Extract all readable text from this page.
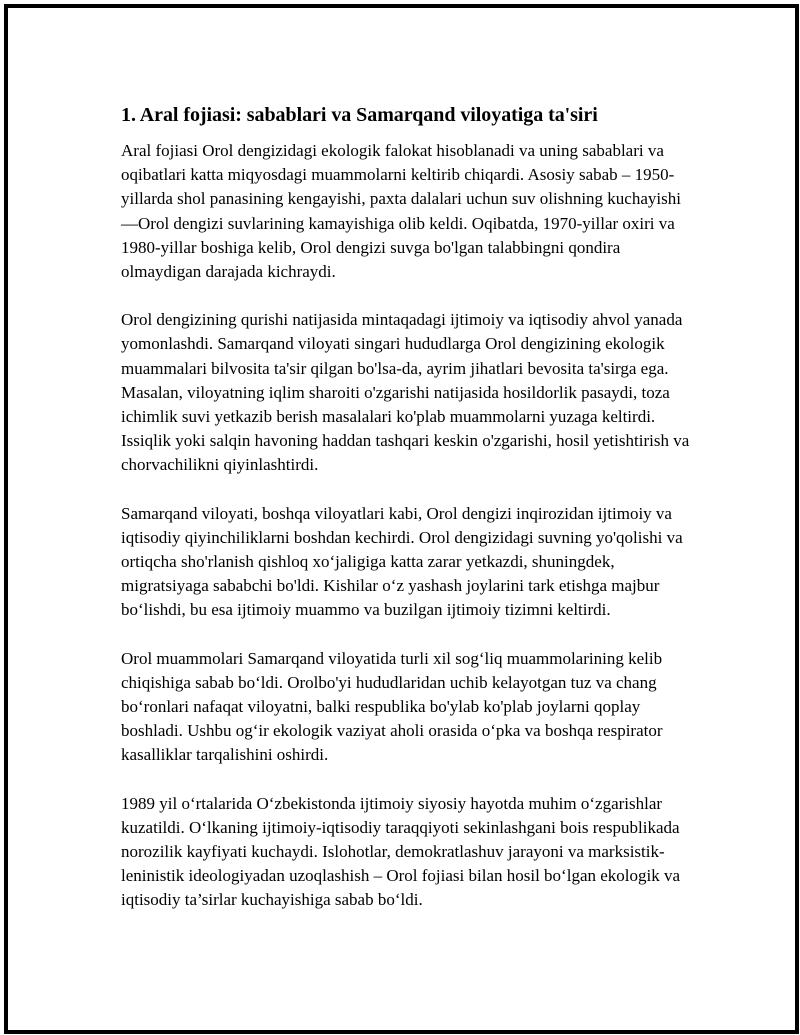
1. Aral fojiasi: sabablari va Samarqand viloyatiga ta'siri

Aral fojiasi Orol dengizidagi ekologik falokat hisoblanadi va uning sabablari va oqibatlari katta miqyosdagi muammolarni keltirib chiqardi. Asosiy sabab – 1950-yillarda shol panasining kengayishi, paxta dalalari uchun suv olishning kuchayishi—Orol dengizi suvlarining kamayishiga olib keldi. Oqibatda, 1970-yillar oxiri va 1980-yillar boshiga kelib, Orol dengizi suvga bo'lgan talabbingni qondira olmaydigan darajada kichraydi.

Orol dengizining qurishi natijasida mintaqadagi ijtimoiy va iqtisodiy ahvol yanada yomonlashdi. Samarqand viloyati singari hududlarga Orol dengizining ekologik muammalari bilvosita ta'sir qilgan bo'lsa-da, ayrim jihatlari bevosita ta'sirga ega. Masalan, viloyatning iqlim sharoiti o'zgarishi natijasida hosildorlik pasaydi, toza ichimlik suvi yetkazib berish masalalari ko'plab muammolarni yuzaga keltirdi. Issiqlik yoki salqin havoning haddan tashqari keskin o'zgarishi, hosil yetishtirish va chorvachilikni qiyinlashtirdi.

Samarqand viloyati, boshqa viloyatlari kabi, Orol dengizi inqirozidan ijtimoiy va iqtisodiy qiyinchiliklarni boshdan kechirdi. Orol dengizidagi suvning yo'qolishi va ortiqcha sho'rlanish qishloq xo‘jaligiga katta zarar yetkazdi, shuningdek, migratsiyaga sababchi bo'ldi. Kishilar o‘z yashash joylarini tark etishga majbur bo‘lishdi, bu esa ijtimoiy muammo va buzilgan ijtimoiy tizimni keltirdi.

Orol muammolari Samarqand viloyatida turli xil sog‘liq muammolarining kelib chiqishiga sabab bo‘ldi. Orolbo'yi hududlaridan uchib kelayotgan tuz va chang bo‘ronlari nafaqat viloyatni, balki respublika bo'ylab ko'plab joylarni qoplay boshladi. Ushbu og‘ir ekologik vaziyat aholi orasida o‘pka va boshqa respirator kasalliklar tarqalishini oshirdi.

1989 yil o‘rtalarida O‘zbekistonda ijtimoiy siyosiy hayotda muhim o‘zgarishlar kuzatildi. O‘lkaning ijtimoiy-iqtisodiy taraqqiyoti sekinlashgani bois respublikada norozilik kayfiyati kuchaydi. Islohotlar, demokratlashuv jarayoni va marksistik-leninistik ideologiyadan uzoqlashish – Orol fojiasi bilan hosil bo‘lgan ekologik va iqtisodiy ta’sirlar kuchayishiga sabab bo‘ldi.
